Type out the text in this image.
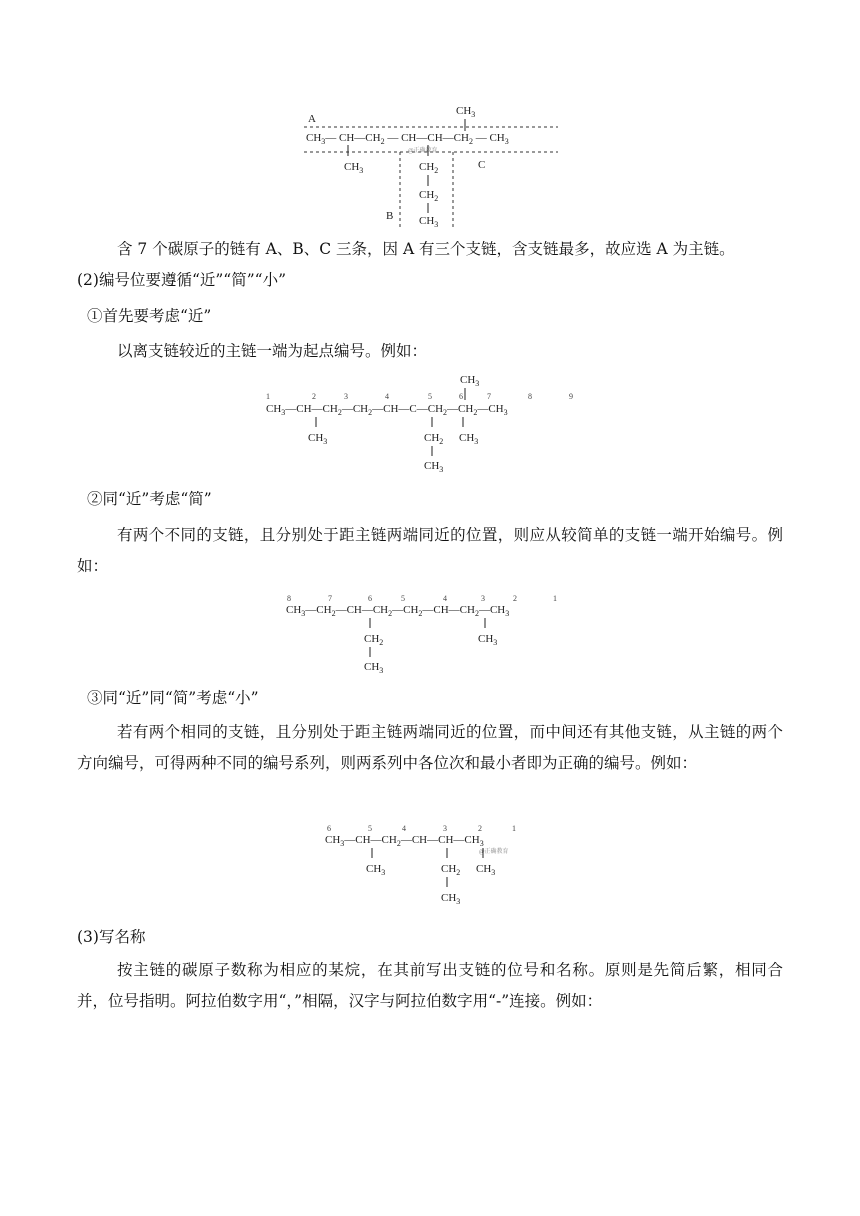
A
B
C
$CH_3$
$CH_3—$ $CH—CH_2$ — $CH—CH—CH_2$ — $CH_3$
$CH_3$
@正确教育
$CH_2$
$CH_2$
$CH_3$
含 7 个碳原子的链有 A、B、C 三条，因 A 有三个支链，含支链最多，故应选 A 为主链。
(2)编号位要遵循“近”“简”“小”
①首先要考虑“近”
以离支链较近的主链一端为起点编号。例如：
1	2	3	4	5	6	7	8	9
$CH_3$
$CH_3—CH—CH_2—CH_2—CH—C—CH_2—CH_2—CH_3$
$CH_3$	$CH_2$
$CH_3$
$CH_3$
②同“近”考虑“简”
有两个不同的支链，且分别处于距主链两端同近的位置，则应从较简单的支链一端开始编号。例如：
8	7	6	5	4	3	2	1
$CH_3—CH_2—CH—CH_2—CH_2—CH—CH_2—CH_3$
$CH_2$
$CH_3$
$CH_3$
③同“近”同“简”考虑“小”
若有两个相同的支链，且分别处于距主链两端同近的位置，而中间还有其他支链，从主链的两个方向编号，可得两种不同的编号系列，则两系列中各位次和最小者即为正确的编号。例如：
6	5	4	3	2	1
$CH_3—CH—CH_2—CH—CH—CH_3$
@正确教育
$CH_3$	$CH_2$
$CH_3$
$CH_3$
(3)写名称
按主链的碳原子数称为相应的某烷，在其前写出支链的位号和名称。原则是先简后繁，相同合并，位号指明。阿拉伯数字用“，”相隔，汉字与阿拉伯数字用“-”连接。例如：
